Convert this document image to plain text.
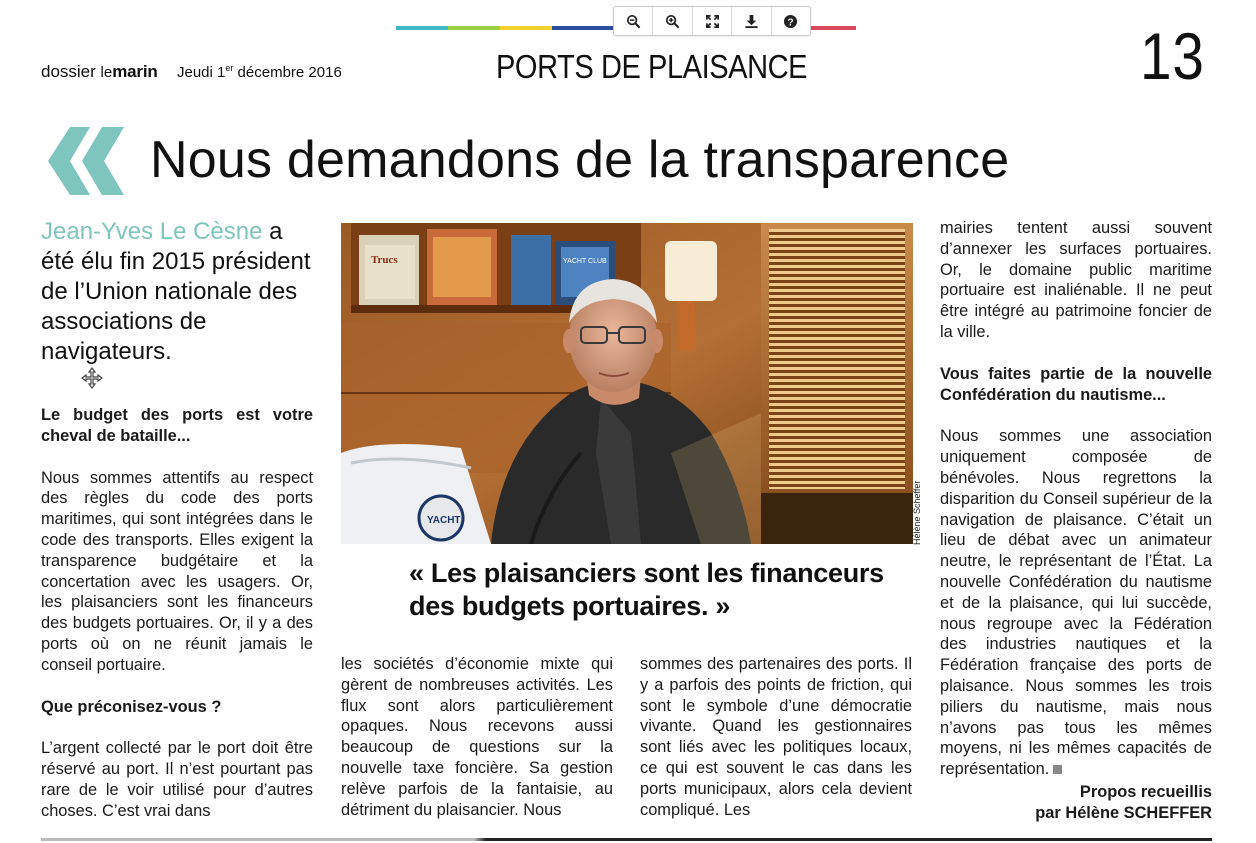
?
dossier lemarin Jeudi 1er décembre 2016	PORTS DE PLAISANCE	13
Nous demandons de la transparence
Jean-Yves Le Cèsne a été élu fin 2015 président de l’Union nationale des associations de navigateurs.

Le budget des ports est votre cheval de bataille...

Nous sommes attentifs au respect des règles du code des ports maritimes, qui sont intégrées dans le code des transports. Elles exigent la transparence budgétaire et la concertation avec les usagers. Or, les plaisanciers sont les financeurs des budgets portuaires. Or, il y a des ports où on ne réunit jamais le conseil portuaire.

Que préconisez-vous ?

L’argent collecté par le port doit être réservé au port. Il n’est pourtant pas rare de le voir utilisé pour d’autres choses. C’est vrai dans

Trucs	YACHT CLUB
YACHT	Hélène Scheffer
« Les plaisanciers sont les financeurs des budgets portuaires. »

les sociétés d’économie mixte qui gèrent de nombreuses activités. Les flux sont alors particulièrement opaques. Nous recevons aussi beaucoup de questions sur la nouvelle taxe foncière. Sa gestion relève parfois de la fantaisie, au détriment du plaisancier. Nous

sommes des partenaires des ports. Il y a parfois des points de friction, qui sont le symbole d’une démocratie vivante. Quand les gestionnaires sont liés avec les politiques locaux, ce qui est souvent le cas dans les ports municipaux, alors cela devient compliqué. Les

mairies tentent aussi souvent d’annexer les surfaces portuaires. Or, le domaine public maritime portuaire est inaliénable. Il ne peut être intégré au patrimoine foncier de la ville.

Vous faites partie de la nouvelle Confédération du nautisme...

Nous sommes une association uniquement composée de bénévoles. Nous regrettons la disparition du Conseil supérieur de la navigation de plaisance. C’était un lieu de débat avec un animateur neutre, le représentant de l’État. La nouvelle Confédération du nautisme et de la plaisance, qui lui succède, nous regroupe avec la Fédération des industries nautiques et la Fédération française des ports de plaisance. Nous sommes les trois piliers du nautisme, mais nous n’avons pas tous les mêmes moyens, ni les mêmes capacités de représentation.

Propos recueillis

par Hélène SCHEFFER
